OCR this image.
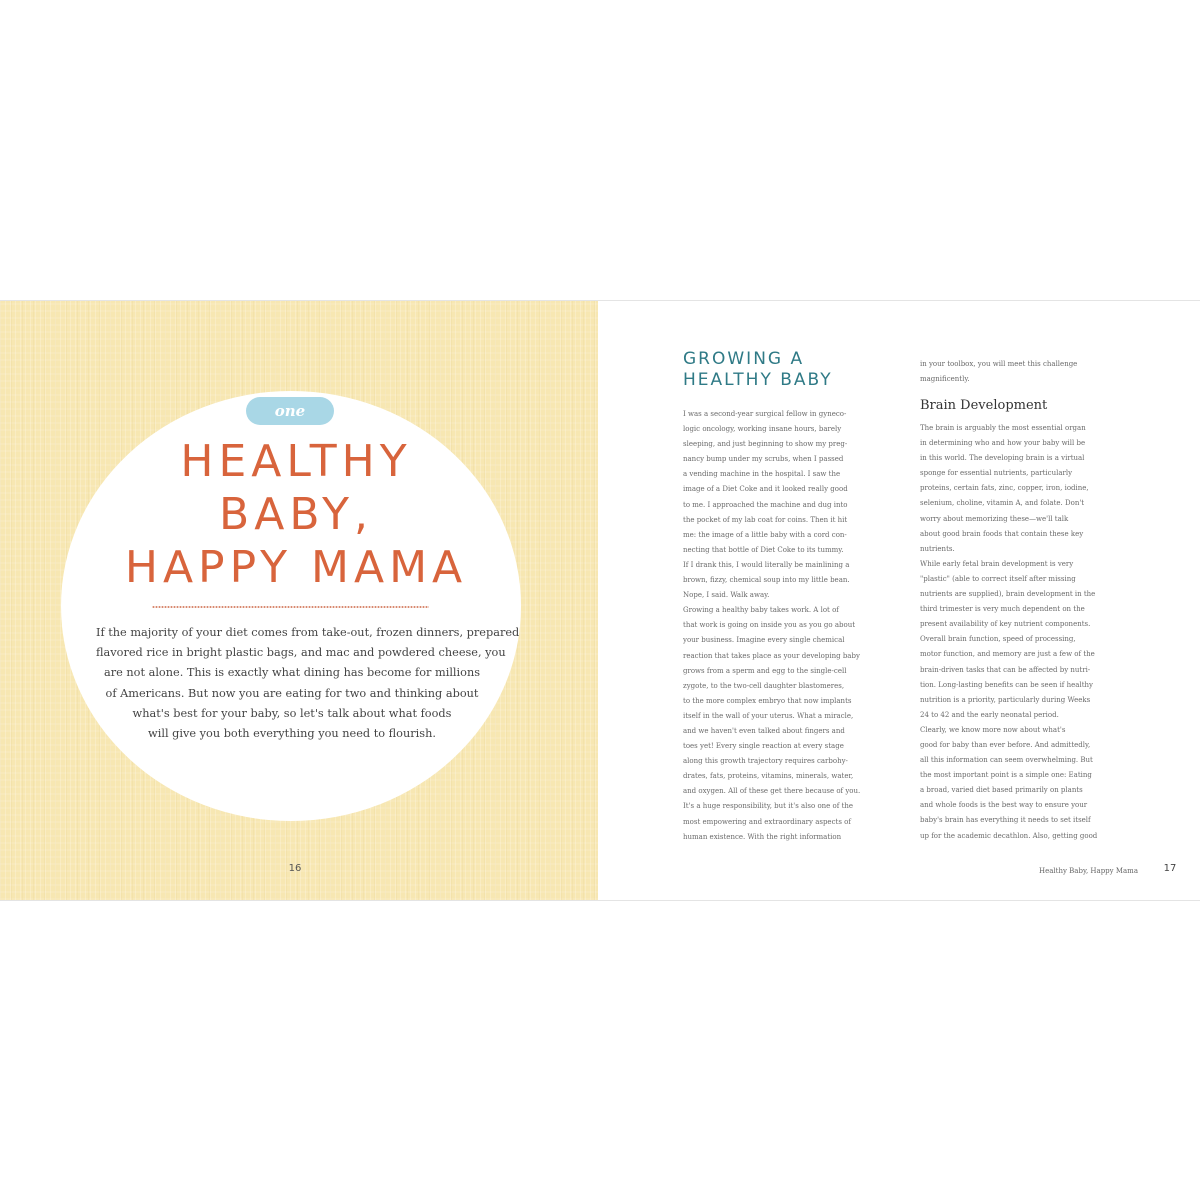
one
HEALTHY
BABY,
HAPPY MAMA
If the majority of your diet comes from take-out, frozen dinners, prepared
flavored rice in bright plastic bags, and mac and powdered cheese, you
are not alone. This is exactly what dining has become for millions
of Americans. But now you are eating for two and thinking about
what's best for your baby, so let's talk about what foods
will give you both everything you need to flourish.
16
GROWING A
HEALTHY BABY
I was a second-year surgical fellow in gyneco-
logic oncology, working insane hours, barely
sleeping, and just beginning to show my preg-
nancy bump under my scrubs, when I passed
a vending machine in the hospital. I saw the
image of a Diet Coke and it looked really good
to me. I approached the machine and dug into
the pocket of my lab coat for coins. Then it hit
me: the image of a little baby with a cord con-
necting that bottle of Diet Coke to its tummy.
If I drank this, I would literally be mainlining a
brown, fizzy, chemical soup into my little bean.
Nope, I said. Walk away.
Growing a healthy baby takes work. A lot of
that work is going on inside you as you go about
your business. Imagine every single chemical
reaction that takes place as your developing baby
grows from a sperm and egg to the single-cell
zygote, to the two-cell daughter blastomeres,
to the more complex embryo that now implants
itself in the wall of your uterus. What a miracle,
and we haven't even talked about fingers and
toes yet! Every single reaction at every stage
along this growth trajectory requires carbohy-
drates, fats, proteins, vitamins, minerals, water,
and oxygen. All of these get there because of you.
It's a huge responsibility, but it's also one of the
most empowering and extraordinary aspects of
human existence. With the right information
in your toolbox, you will meet this challenge
magnificently.
Brain Development
The brain is arguably the most essential organ
in determining who and how your baby will be
in this world. The developing brain is a virtual
sponge for essential nutrients, particularly
proteins, certain fats, zinc, copper, iron, iodine,
selenium, choline, vitamin A, and folate. Don't
worry about memorizing these—we'll talk
about good brain foods that contain these key
nutrients.
While early fetal brain development is very
"plastic" (able to correct itself after missing
nutrients are supplied), brain development in the
third trimester is very much dependent on the
present availability of key nutrient components.
Overall brain function, speed of processing,
motor function, and memory are just a few of the
brain-driven tasks that can be affected by nutri-
tion. Long-lasting benefits can be seen if healthy
nutrition is a priority, particularly during Weeks
24 to 42 and the early neonatal period.
Clearly, we know more now about what's
good for baby than ever before. And admittedly,
all this information can seem overwhelming. But
the most important point is a simple one: Eating
a broad, varied diet based primarily on plants
and whole foods is the best way to ensure your
baby's brain has everything it needs to set itself
up for the academic decathlon. Also, getting good
Healthy Baby, Happy Mama	17
